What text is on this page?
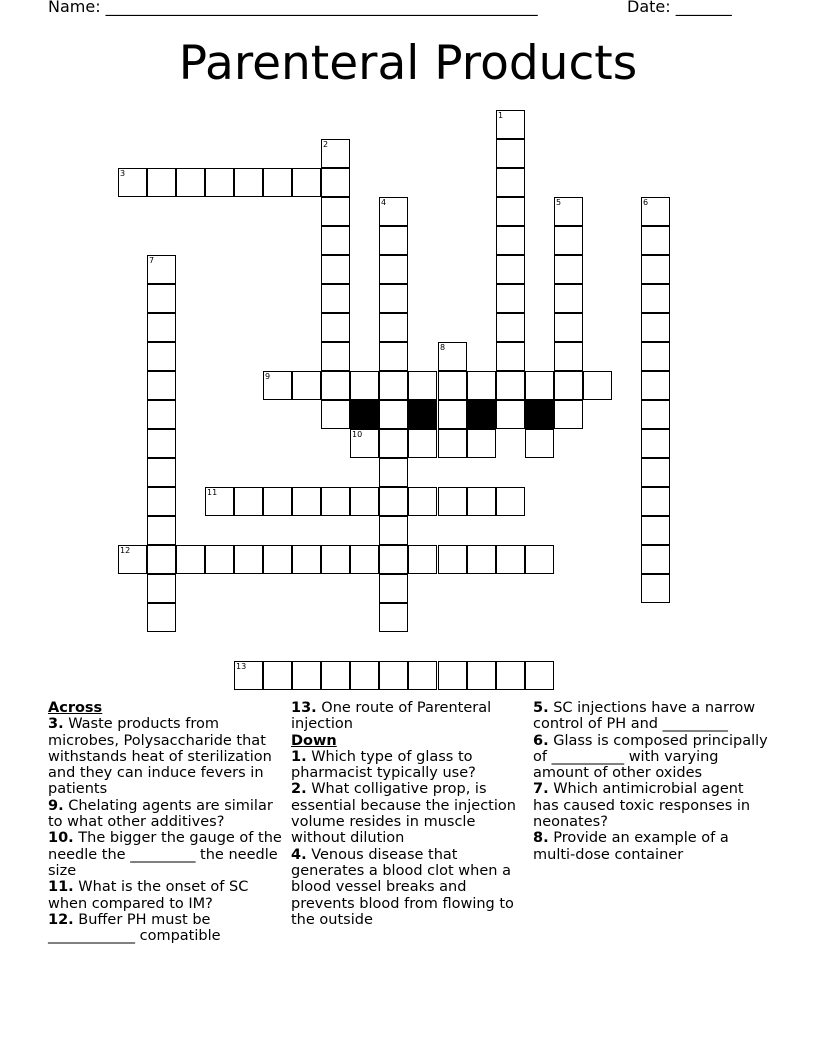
Name: ______________________________________________________	Date: _______
Parenteral Products
3
2
1
4	5	6
7
8
9
10
11
12
13

Across

3. Waste products from microbes, Polysaccharide that withstands heat of sterilization and they can induce fevers in patients

9. Chelating agents are similar to what other additives?

10. The bigger the gauge of the needle the _________ the needle size

11. What is the onset of SC when compared to IM?

12. Buffer PH must be ____________ compatible

13. One route of Parenteral injection

Down

1. Which type of glass to pharmacist typically use?

2. What colligative prop, is essential because the injection volume resides in muscle without dilution

4. Venous disease that generates a blood clot when a blood vessel breaks and prevents blood from flowing to the outside

5. SC injections have a narrow control of PH and _________

6. Glass is composed principally of __________ with varying amount of other oxides

7. Which antimicrobial agent has caused toxic responses in neonates?

8. Provide an example of a multi-dose container
